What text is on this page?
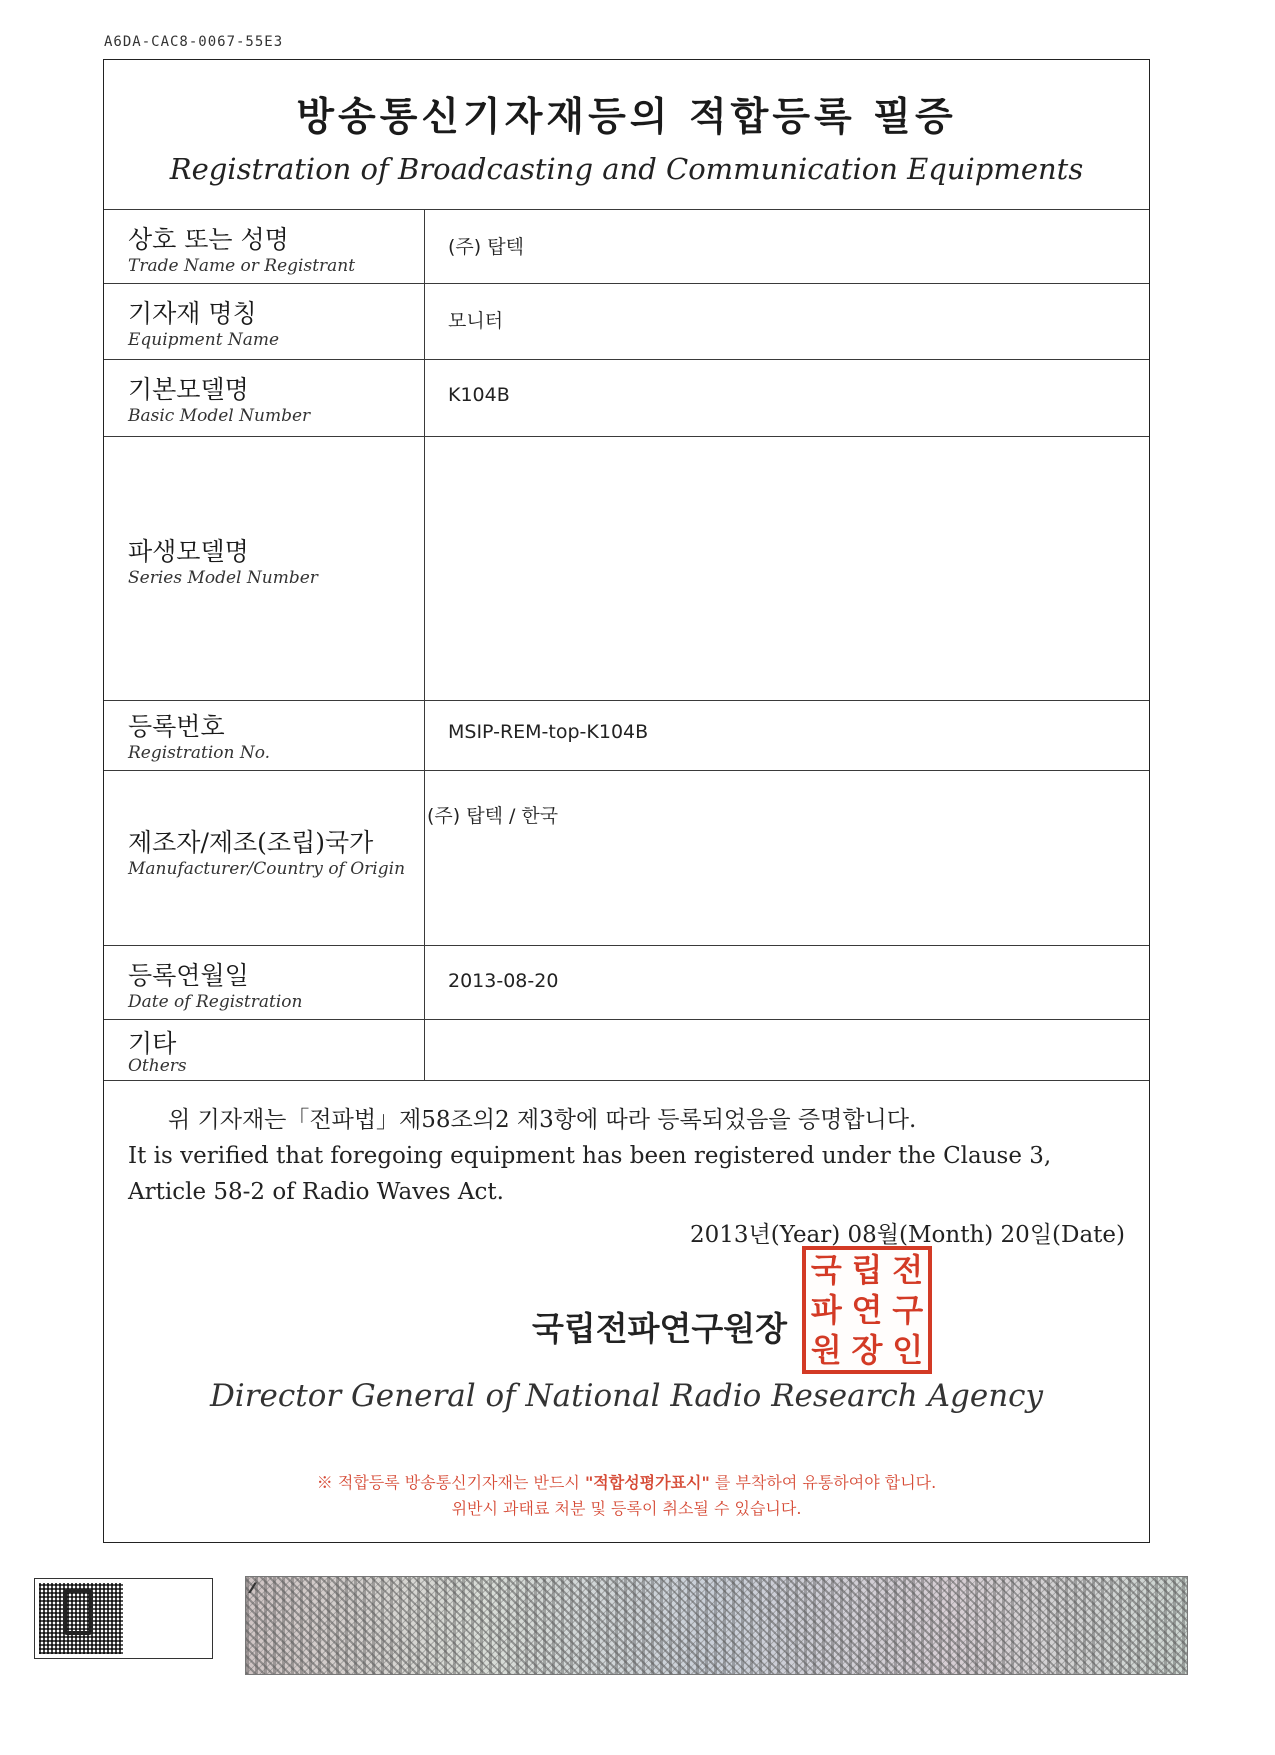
A6DA-CAC8-0067-55E3
방송통신기자재등의 적합등록 필증
Registration of Broadcasting and Communication Equipments
상호 또는 성명
Trade Name or Registrant
(주) 탑텍
기자재 명칭
Equipment Name
모니터
기본모델명
Basic Model Number
K104B
파생모델명
Series Model Number
등록번호
Registration No.
MSIP-REM-top-K104B
제조자/제조(조립)국가
Manufacturer/Country of Origin
(주) 탑텍 / 한국
등록연월일
Date of Registration
2013-08-20
기타
Others
위 기자재는「전파법」제58조의2 제3항에 따라 등록되었음을 증명합니다.
It is verified that foregoing equipment has been registered under the Clause 3,
Article 58-2 of Radio Waves Act.
2013년(Year) 08월(Month) 20일(Date)
국립전파연구원장
국 립 전
파 연 구
원 장 인
Director General of National Radio Research Agency
※ 적합등록 방송통신기자재는 반드시 "적합성평가표시" 를 부착하여 유통하여야 합니다.
위반시 과태료 처분 및 등록이 취소될 수 있습니다.
